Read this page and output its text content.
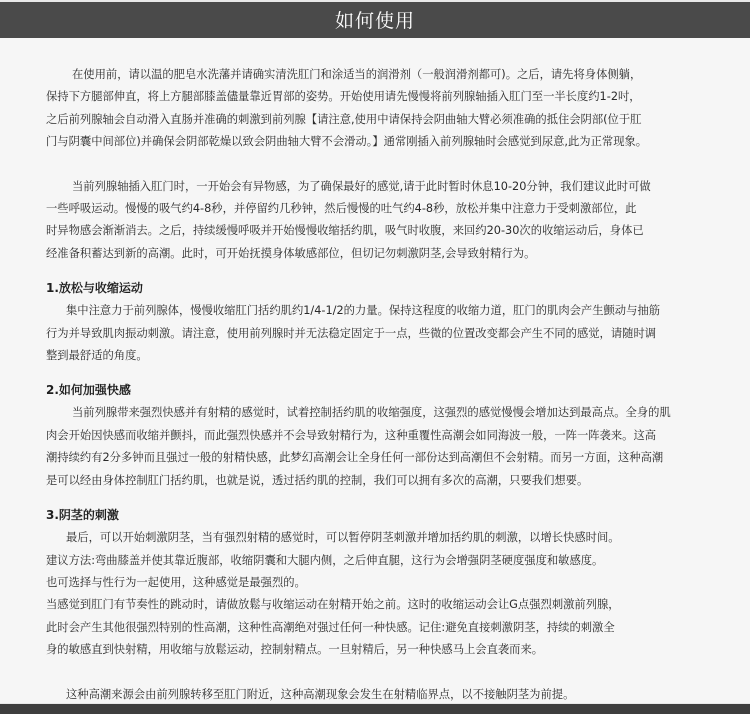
如何使用
在使用前，请以温的肥皂水洗藩并请确实清洗肛门和涂适当的润滑剂（一般润滑剂都可)。之后，请先将身体侧躺，
保持下方腿部伸直，将上方腿部膝盖儘量靠近胃部的姿势。开始使用请先慢慢将前列腺轴插入肛门至一半长度约1-2吋，
之后前列腺轴会自动滑入直肠并准确的刺激到前列腺【请注意,使用中请保持会阴曲轴大臂必须准确的抵住会阴部(位于肛
门与阴囊中间部位)并确保会阴部乾燥以致会阴曲轴大臂不会滑动。】通常刚插入前列腺轴时会感觉到尿意,此为正常现象。
当前列腺轴插入肛门时，一开始会有异物感，为了确保最好的感觉,请于此时暂时休息10-20分钟，我们建议此时可做
一些呼吸运动。慢慢的吸气约4-8秒，并停留约几秒钟，然后慢慢的吐气约4-8秒，放松并集中注意力于受刺激部位，此
时异物感会渐渐消去。之后，持续缓慢呼吸并开始慢慢收缩括约肌，吸气时收腹，来回约20-30次的收缩运动后，身体已
经准备积蓄达到新的高潮。此时，可开始抚摸身体敏感部位，但切记勿刺激阴茎,会导致射精行为。
1.放松与收缩运动
集中注意力于前列腺体，慢慢收缩肛门括约肌约1/4-1/2的力量。保持这程度的收缩力道，肛门的肌肉会产生颤动与抽筋
行为并导致肌肉振动刺激。请注意，使用前列腺时并无法稳定固定于一点，些微的位置改变都会产生不同的感觉，请随时调
整到最舒适的角度。
2.如何加强快感
当前列腺带来强烈快感并有射精的感觉时，试着控制括约肌的收缩强度，这强烈的感觉慢慢会增加达到最高点。全身的肌
肉会开始因快感而收缩并颤抖，而此强烈快感并不会导致射精行为，这种重覆性高潮会如同海波一般，一阵一阵袭来。这高
潮持续约有2分多钟而且强过一般的射精快感，此梦幻高潮会让全身任何一部份达到高潮但不会射精。而另一方面，这种高潮
是可以经由身体控制肛门括约肌，也就是说，透过括约肌的控制，我们可以拥有多次的高潮，只要我们想要。
3.阴茎的刺激
最后，可以开始刺激阴茎，当有强烈射精的感觉时，可以暂停阴茎刺激并增加括约肌的刺激，以增长快感时间。
建议方法:弯曲膝盖并使其靠近腹部，收缩阴囊和大腿内侧，之后伸直腿，这行为会增强阴茎硬度强度和敏感度。
也可选择与性行为一起使用，这种感觉是最强烈的。
当感觉到肛门有节奏性的跳动时，请做放鬆与收缩运动在射精开始之前。这时的收缩运动会让G点强烈刺激前列腺，
此时会产生其他很强烈特别的性高潮，这种性高潮绝对强过任何一种快感。记住:避免直接刺激阴茎，持续的刺激全
身的敏感直到快射精，用收缩与放鬆运动，控制射精点。一旦射精后，另一种快感马上会直袭而来。
这种高潮来源会由前列腺转移至肛门附近，这种高潮现象会发生在射精临界点，以不接触阴茎为前提。
